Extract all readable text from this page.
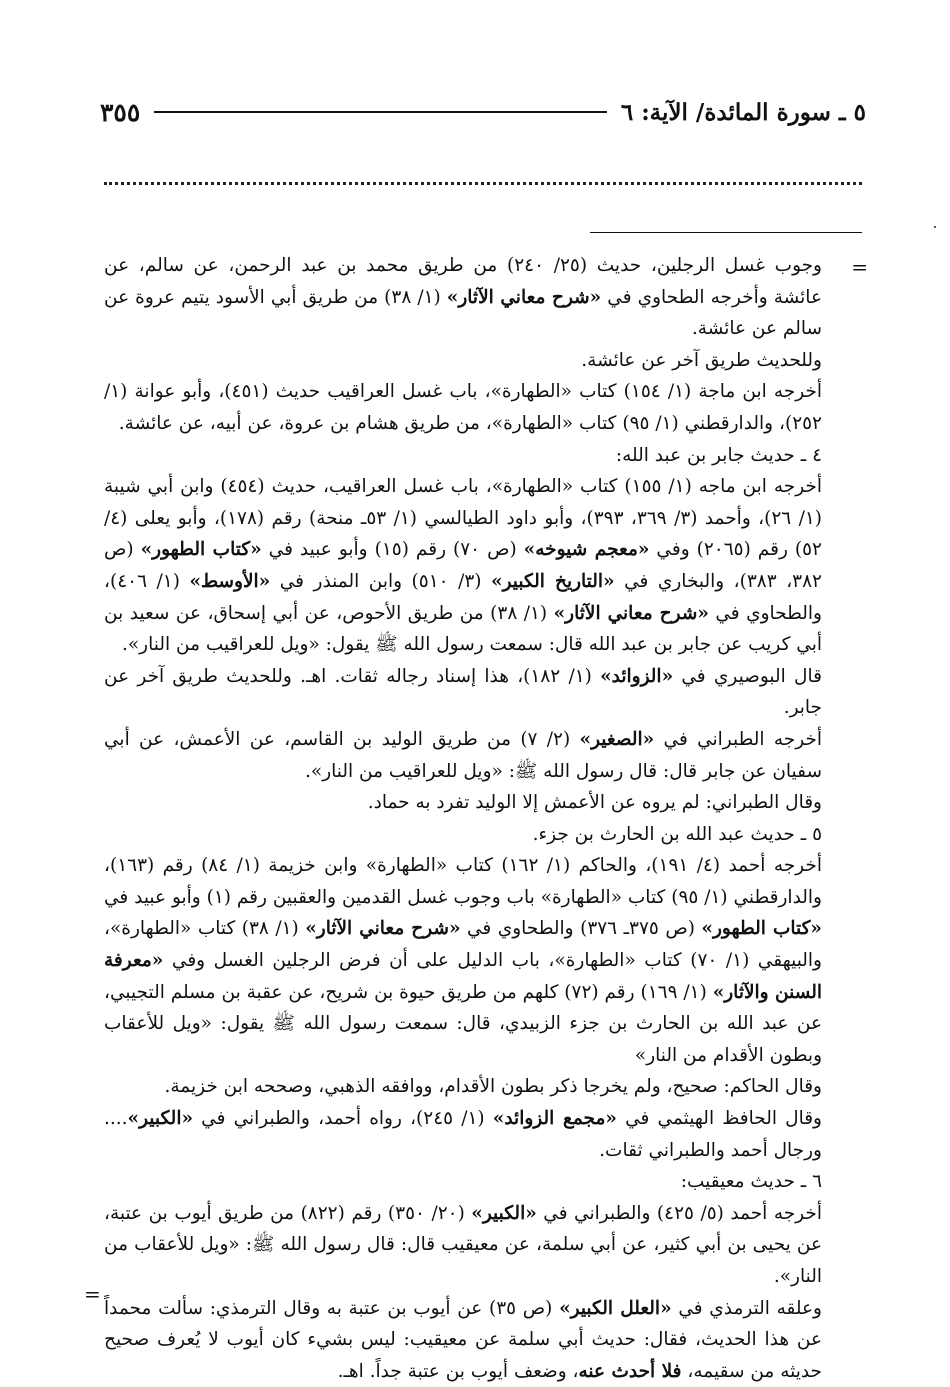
٣٥٥	٥ ـ سورة المائدة/ الآية: ٦
=

وجوب غسل الرجلين، حديث (٢٥/ ٢٤٠) من طريق محمد بن عبد الرحمن، عن سالم، عن عائشة وأخرجه الطحاوي في «شرح معاني الآثار» (١/ ٣٨) من طريق أبي الأسود يتيم عروة عن سالم عن عائشة.

وللحديث طريق آخر عن عائشة.

أخرجه ابن ماجة (١/ ١٥٤) كتاب «الطهارة»، باب غسل العراقيب حديث (٤٥١)، وأبو عوانة (١/ ٢٥٢)، والدارقطني (١/ ٩٥) كتاب «الطهارة»، من طريق هشام بن عروة، عن أبيه، عن عائشة.

٤ ـ حديث جابر بن عبد الله:

أخرجه ابن ماجه (١/ ١٥٥) كتاب «الطهارة»، باب غسل العراقيب، حديث (٤٥٤) وابن أبي شيبة (١/ ٢٦)، وأحمد (٣/ ٣٦٩، ٣٩٣)، وأبو داود الطيالسي (١/ ٥٣ـ منحة) رقم (١٧٨)، وأبو يعلى (٤/ ٥٢) رقم (٢٠٦٥) وفي «معجم شيوخه» (ص ٧٠) رقم (١٥) وأبو عبيد في «كتاب الطهور» (ص ٣٨٢، ٣٨٣)، والبخاري في «التاريخ الكبير» (٣/ ٥١٠) وابن المنذر في «الأوسط» (١/ ٤٠٦)، والطحاوي في «شرح معاني الآثار» (١/ ٣٨) من طريق الأحوص، عن أبي إسحاق، عن سعيد بن أبي كريب عن جابر بن عبد الله قال: سمعت رسول الله ﷺ يقول: «ويل للعراقيب من النار».

قال البوصيري في «الزوائد» (١/ ١٨٢)، هذا إسناد رجاله ثقات. اهـ. وللحديث طريق آخر عن جابر.

أخرجه الطبراني في «الصغير» (٢/ ٧) من طريق الوليد بن القاسم، عن الأعمش، عن أبي سفيان عن جابر قال: قال رسول الله ﷺ: «ويل للعراقيب من النار».

وقال الطبراني: لم يروه عن الأعمش إلا الوليد تفرد به حماد.

٥ ـ حديث عبد الله بن الحارث بن جزء.

أخرجه أحمد (٤/ ١٩١)، والحاكم (١/ ١٦٢) كتاب «الطهارة» وابن خزيمة (١/ ٨٤) رقم (١٦٣)، والدارقطني (١/ ٩٥) كتاب «الطهارة» باب وجوب غسل القدمين والعقبين رقم (١) وأبو عبيد في «كتاب الطهور» (ص ٣٧٥ـ ٣٧٦) والطحاوي في «شرح معاني الآثار» (١/ ٣٨) كتاب «الطهارة»، والبيهقي (١/ ٧٠) كتاب «الطهارة»، باب الدليل على أن فرض الرجلين الغسل وفي «معرفة السنن والآثار» (١/ ١٦٩) رقم (٧٢) كلهم من طريق حيوة بن شريح، عن عقبة بن مسلم التجيبي، عن عبد الله بن الحارث بن جزء الزبيدي، قال: سمعت رسول الله ﷺ يقول: «ويل للأعقاب وبطون الأقدام من النار»

وقال الحاكم: صحيح، ولم يخرجا ذكر بطون الأقدام، ووافقه الذهبي، وصححه ابن خزيمة.

وقال الحافظ الهيثمي في «مجمع الزوائد» (١/ ٢٤٥)، رواه أحمد، والطبراني في «الكبير».... ورجال أحمد والطبراني ثقات.

٦ ـ حديث معيقيب:

أخرجه أحمد (٥/ ٤٢٥) والطبراني في «الكبير» (٢٠/ ٣٥٠) رقم (٨٢٢) من طريق أيوب بن عتبة، عن يحيى بن أبي كثير، عن أبي سلمة، عن معيقيب قال: قال رسول الله ﷺ: «ويل للأعقاب من النار».

وعلقه الترمذي في «العلل الكبير» (ص ٣٥) عن أيوب بن عتبة به وقال الترمذي: سألت محمداً عن هذا الحديث، فقال: حديث أبي سلمة عن معيقيب: ليس بشيء كان أيوب لا يُعرف صحيح حديثه من سقيمه، فلا أحدث عنه، وضعف أيوب بن عتبة جداً. اهـ.

=
